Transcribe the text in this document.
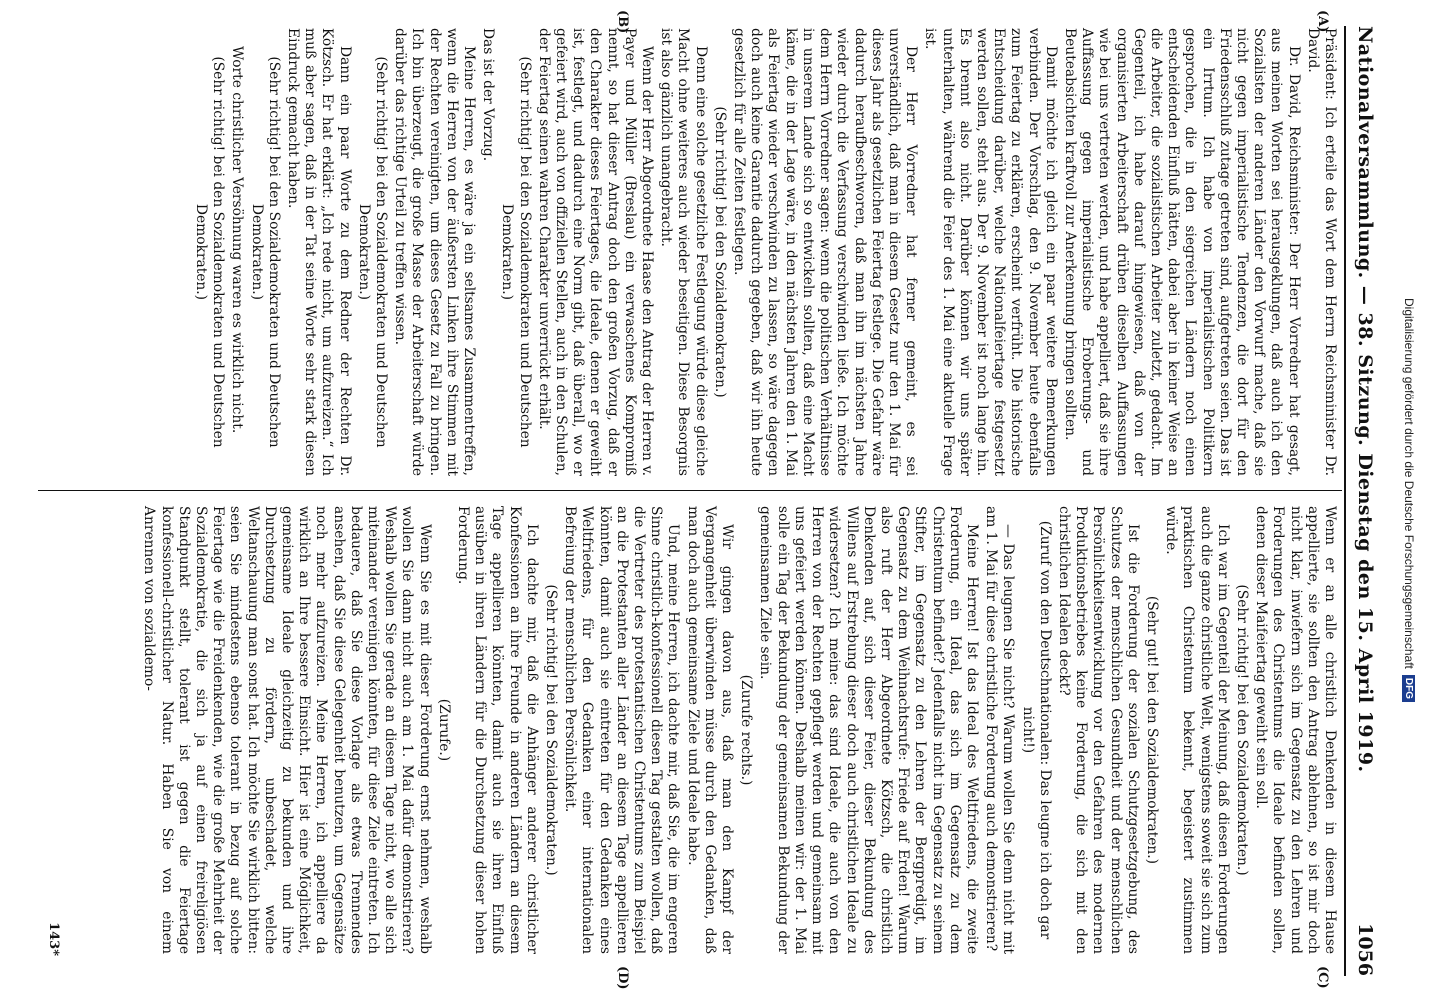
Nationalversammlung. — 38. Sitzung. Dienstag den 15. April 1919.
1056
(A)
(B)
(C)
(D)

Präsident: Ich erteile das Wort dem Herrn Reichsminister Dr. David.

Dr. David, Reichsminister: Der Herr Vorredner hat gesagt, aus meinen Worten sei herausgeklungen, daß auch ich den Sozialisten der anderen Länder den Vorwurf mache, daß sie nicht gegen imperialistische Tendenzen, die dort für den Friedensschluß zutage getreten sind, aufgetreten seien. Das ist ein Irrtum. Ich habe von imperialistischen Politikern gesprochen, die in den siegreichen Ländern noch einen entscheidenden Einfluß hätten, dabei aber in keiner Weise an die Arbeiter, die sozialistischen Arbeiter zuletzt, gedacht. Im Gegenteil, ich habe darauf hingewiesen, daß von der organisierten Arbeiterschaft drüben dieselben Auffassungen wie bei uns vertreten werden, und habe appelliert, daß sie ihre Auffassung gegen imperialistische Eroberungs- und Beuteabsichten kraftvoll zur Anerkennung bringen sollten.

Damit möchte ich gleich ein paar weitere Bemerkungen verbinden. Der Vorschlag, den 9. November heute ebenfalls zum Feiertag zu erklären, erscheint verfrüht. Die historische Entscheidung darüber, welche Nationalfeiertage festgesetzt werden sollen, steht aus. Der 9. November ist noch lange hin. Es brennt also nicht. Darüber können wir uns später unterhalten, während die Feier des 1. Mai eine aktuelle Frage ist.

Der Herr Vorredner hat ferner gemeint, es sei unverständlich, daß man in diesem Gesetz nur den 1. Mai für dieses Jahr als gesetzlichen Feiertag festlege. Die Gefahr wäre dadurch heraufbeschworen, daß man ihn im nächsten Jahre wieder durch die Verfassung verschwinden ließe. Ich möchte dem Herrn Vorredner sagen: wenn die politischen Verhältnisse in unserem Lande sich so entwickeln sollten, daß eine Macht käme, die in der Lage wäre, in den nächsten Jahren den 1. Mai als Feiertag wieder verschwinden zu lassen, so wäre dagegen doch auch keine Garantie dadurch gegeben, daß wir ihn heute gesetzlich für alle Zeiten festlegen.

(Sehr richtig! bei den Sozialdemokraten.)

Denn eine solche gesetzliche Festlegung würde diese gleiche Macht ohne weiteres auch wieder beseitigen. Diese Besorgnis ist also gänzlich unangebracht.

Wenn der Herr Abgeordnete Haase den Antrag der Herren v. Payer und Müller (Breslau) ein verwaschenes Kompromiß nennt, so hat dieser Antrag doch den großen Vorzug, daß er den Charakter dieses Feiertages, die Ideale, denen er geweiht ist, festlegt, und dadurch eine Norm gibt, daß überall, wo er gefeiert wird, auch von offiziellen Stellen, auch in den Schulen, der Feiertag seinen wahren Charakter unverrückt erhält.

(Sehr richtig! bei den Sozialdemokraten und Deutschen Demokraten.)

Das ist der Vorzug.

Meine Herren, es wäre ja ein seltsames Zusammentreffen, wenn die Herren von der äußersten Linken ihre Stimmen mit der Rechten vereinigten, um dieses Gesetz zu Fall zu bringen. Ich bin überzeugt, die große Masse der Arbeiterschaft würde darüber das richtige Urteil zu treffen wissen.

(Sehr richtig! bei den Sozialdemokraten und Deutschen Demokraten.)

Dann ein paar Worte zu dem Redner der Rechten Dr. Kötzsch. Er hat erklärt: „Ich rede nicht, um aufzureizen.“ Ich muß aber sagen, daß in der Tat seine Worte sehr stark diesen Eindruck gemacht haben.

(Sehr richtig! bei den Sozialdemokraten und Deutschen Demokraten.)

Worte christlicher Versöhnung waren es wirklich nicht.

(Sehr richtig! bei den Sozialdemokraten und Deutschen Demokraten.)

Wenn er an alle christlich Denkenden in diesem Hause appellierte, sie sollten den Antrag ablehnen, so ist mir doch nicht klar, inwiefern sich im Gegensatz zu den Lehren und Forderungen des Christentums die Ideale befinden sollen, denen dieser Maifeiertag geweiht sein soll.

(Sehr richtig! bei den Sozialdemokraten.)

Ich war im Gegenteil der Meinung, daß diesen Forderungen auch die ganze christliche Welt, wenigstens soweit sie sich zum praktischen Christentum bekennt, begeistert zustimmen würde.

(Sehr gut! bei den Sozialdemokraten.)

Ist die Forderung der sozialen Schutzgesetzgebung, des Schutzes der menschlichen Gesundheit und der menschlichen Persönlichkeitsentwicklung vor den Gefahren des modernen Produktionsbetriebes keine Forderung, die sich mit den christlichen Idealen deckt?

(Zuruf von den Deutschnationalen: Das leugne ich doch gar nicht!)

— Das leugnen Sie nicht? Warum wollen Sie denn nicht mit am 1. Mai für diese christliche Forderung auch demonstrieren?

Meine Herren! Ist das Ideal des Weltfriedens, die zweite Forderung, ein Ideal, das sich im Gegensatz zu dem Christentum befindet? Jedenfalls nicht im Gegensatz zu seinem Stifter, im Gegensatz zu den Lehren der Bergpredigt, im Gegensatz zu dem Weihnachtsrufe: Friede auf Erden! Warum also ruft der Herr Abgeordnete Kötzsch, die christlich Denkenden auf, sich dieser Feier, dieser Bekundung des Willens auf Erstrebung dieser doch auch christlichen Ideale zu widersetzen? Ich meine: das sind Ideale, die auch von den Herren von der Rechten gepflegt werden und gemeinsam mit uns gefeiert werden können. Deshalb meinen wir: der 1. Mai solle ein Tag der Bekundung der gemeinsamen Bekundung der gemeinsamen Ziele sein.

(Zurufe rechts.)

Wir gingen davon aus, daß man den Kampf der Vergangenheit überwinden müsse durch den Gedanken, daß man doch auch gemeinsame Ziele und Ideale habe.

Und, meine Herren, ich dachte mir, daß Sie, die im engeren Sinne christlich-konfessionell diesen Tag gestalten wollen, daß die Vertreter des protestantischen Christentums zum Beispiel an die Protestanten aller Länder an diesem Tage appellieren könnten, damit auch sie eintreten für den Gedanken eines Weltfriedens, für den Gedanken einer internationalen Befreiung der menschlichen Persönlichkeit.

(Sehr richtig! bei den Sozialdemokraten.)

Ich dachte mir, daß die Anhänger anderer christlicher Konfessionen an ihre Freunde in anderen Ländern an diesem Tage appellieren könnten, damit auch sie ihren Einfluß ausüben in ihren Ländern für die Durchsetzung dieser hohen Forderung.

(Zurufe.)

Wenn Sie es mit dieser Forderung ernst nehmen, weshalb wollen Sie dann nicht auch am 1. Mai dafür demonstrieren? Weshalb wollen Sie gerade an diesem Tage nicht, wo alle sich miteinander vereinigen könnten, für diese Ziele eintreten. Ich bedauere, daß Sie diese Vorlage als etwas Trennendes ansehen, daß Sie diese Gelegenheit benutzen, um Gegensätze noch mehr aufzureizen. Meine Herren, ich appelliere da wirklich an Ihre bessere Einsicht. Hier ist eine Möglichkeit, gemeinsame Ideale gleichzeitig zu bekunden und ihre Durchsetzung zu fördern, unbeschadet, welche Weltanschauung man sonst hat. Ich möchte Sie wirklich bitten: seien Sie mindestens ebenso tolerant in bezug auf solche Feiertage wie die Freidenkenden, wie die große Mehrheit der Sozialdemokratie, die sich ja auf einen freireligiösen Standpunkt stellt, tolerant ist gegen die Feiertage konfessionell-christlicher Natur. Haben Sie von einem Anrennen von sozialdemo-

143*
Digitalisierung gefördert durch die Deutsche Forschungsgemeinschaft
DFG
